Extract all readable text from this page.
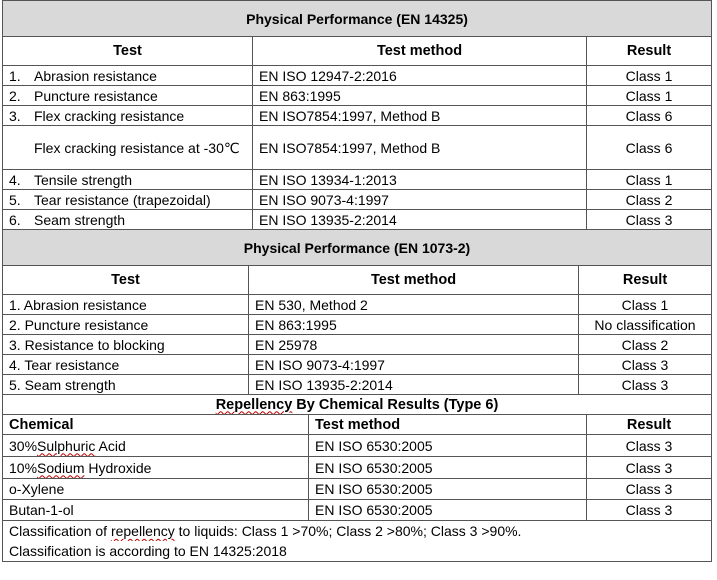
Physical Performance (EN 14325)		
Test	Test method	Result
1. Abrasion resistance	EN ISO 12947-2:2016	Class 1
2. Puncture resistance	EN 863:1995	Class 1
3. Flex cracking resistance	EN ISO7854:1997, Method B	Class 6
Flex cracking resistance at -30℃	EN ISO7854:1997, Method B	Class 6
4. Tensile strength	EN ISO 13934-1:2013	Class 1
5. Tear resistance (trapezoidal)	EN ISO 9073-4:1997	Class 2
6. Seam strength	EN ISO 13935-2:2014	Class 3
Physical Performance (EN 1073-2)		
Test	Test method	Result
1. Abrasion resistance	EN 530, Method 2	Class 1
2. Puncture resistance	EN 863:1995	No classification
3. Resistance to blocking	EN 25978	Class 2
4. Tear resistance	EN ISO 9073-4:1997	Class 3
5. Seam strength	EN ISO 13935-2:2014	Class 3
Repellency By Chemical Results (Type 6)		
Chemical	Test method	Result
30%Sulphuric Acid	EN ISO 6530:2005	Class 3
10%Sodium Hydroxide	EN ISO 6530:2005	Class 3
o-Xylene	EN ISO 6530:2005	Class 3
Butan-1-ol	EN ISO 6530:2005	Class 3
Classification of repellency to liquids: Class 1 >70%; Class 2 >80%; Class 3 >90%.		
Classification is according to EN 14325:2018		
